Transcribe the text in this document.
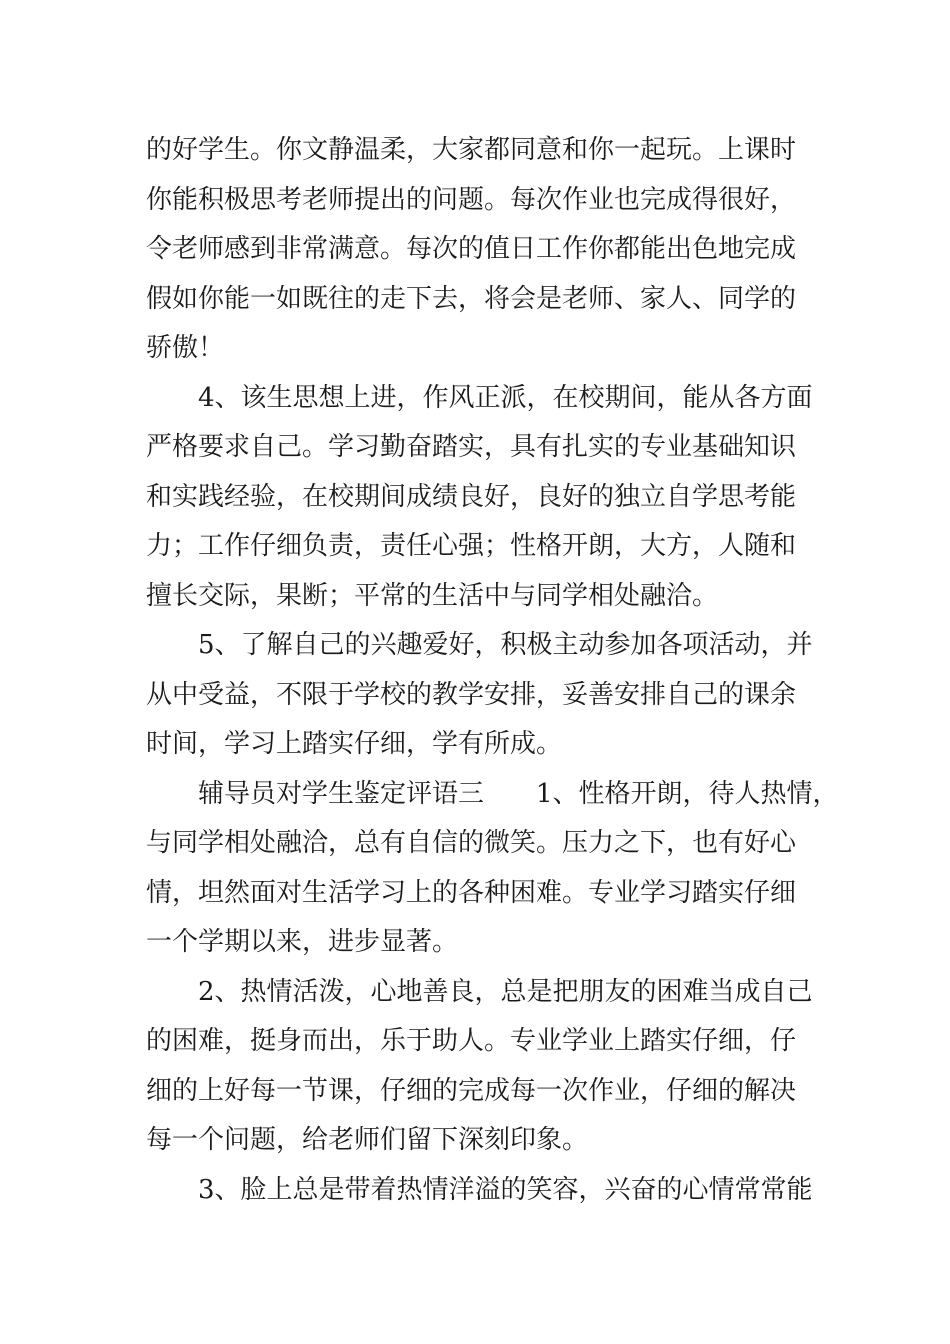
的好学生。你文静温柔，大家都同意和你一起玩。上课时
你能积极思考老师提出的问题。每次作业也完成得很好，
令老师感到非常满意。每次的值日工作你都能出色地完成
假如你能一如既往的走下去，将会是老师、家人、同学的
骄傲！
4、该生思想上进，作风正派，在校期间，能从各方面
严格要求自己。学习勤奋踏实，具有扎实的专业基础知识
和实践经验，在校期间成绩良好，良好的独立自学思考能
力；工作仔细负责，责任心强；性格开朗，大方，人随和
擅长交际，果断；平常的生活中与同学相处融洽。
5、了解自己的兴趣爱好，积极主动参加各项活动，并
从中受益，不限于学校的教学安排，妥善安排自己的课余
时间，学习上踏实仔细，学有所成。
辅导员对学生鉴定评语三　　1、性格开朗，待人热情，
与同学相处融洽，总有自信的微笑。压力之下，也有好心
情，坦然面对生活学习上的各种困难。专业学习踏实仔细
一个学期以来，进步显著。
2、热情活泼，心地善良，总是把朋友的困难当成自己
的困难，挺身而出，乐于助人。专业学业上踏实仔细，仔
细的上好每一节课，仔细的完成每一次作业，仔细的解决
每一个问题，给老师们留下深刻印象。
3、脸上总是带着热情洋溢的笑容，兴奋的心情常常能
